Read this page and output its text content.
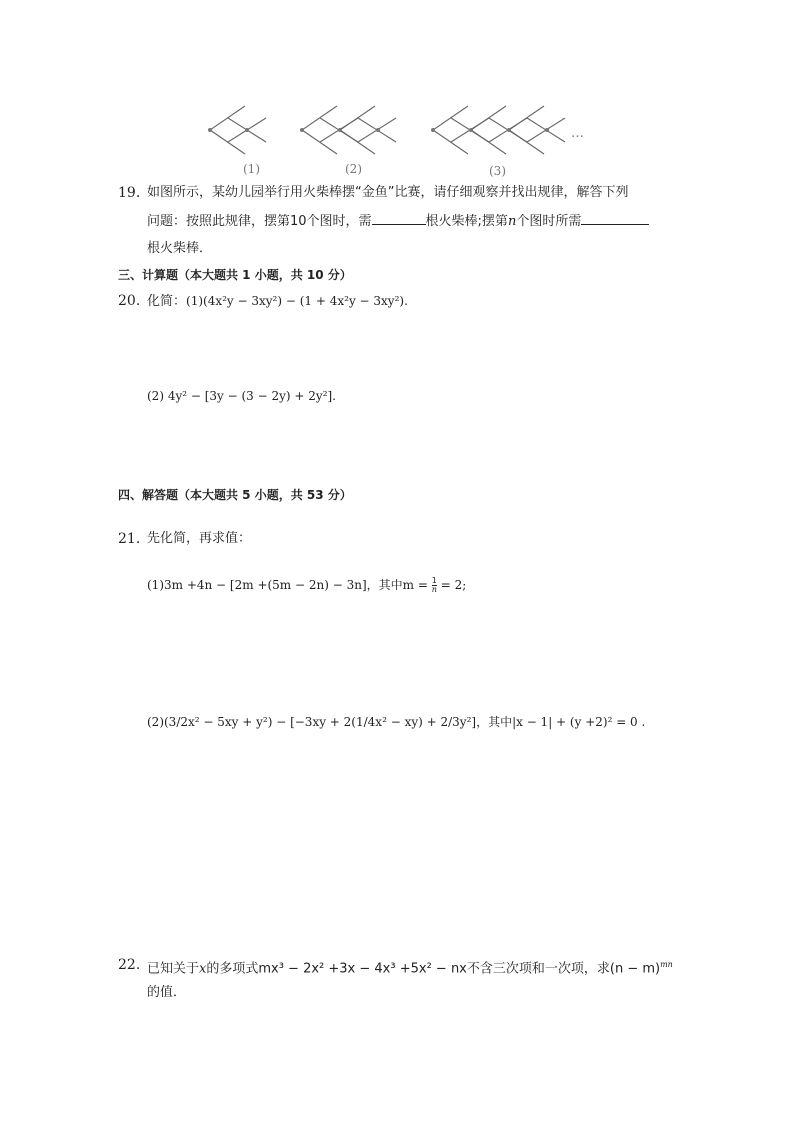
…
(1)	(2)	(3)
19. 如图所示，某幼儿园举行用火柴棒摆“金鱼”比赛，请仔细观察并找出规律，解答下列
问题：按照此规律，摆第10个图时，需	根火柴棒;摆第n个图时所需
根火柴棒．
三、计算题（本大题共 1 小题，共 10 分）
20. 化简：(1)(4x²y − 3xy²) − (1 + 4x²y − 3xy²).
(2) 4y² − [3y − (3 − 2y) + 2y²].
四、解答题（本大题共 5 小题，共 53 分）
21. 先化简，再求值：
(1)3m +4n − [2m +(5m − 2n) − 3n]，其中$m = \frac{1}{n} = 2$;
(2)(3/2x² − 5xy + y²) − [−3xy + 2(1/4x² − xy) + 2/3y²]，其中|x − 1| + (y +2)² = 0 .
22. 已知关于x的多项式mx³ − 2x² +3x − 4x³ +5x² − nx不含三次项和一次项，求$(n - m)^{mn}$
的值．
